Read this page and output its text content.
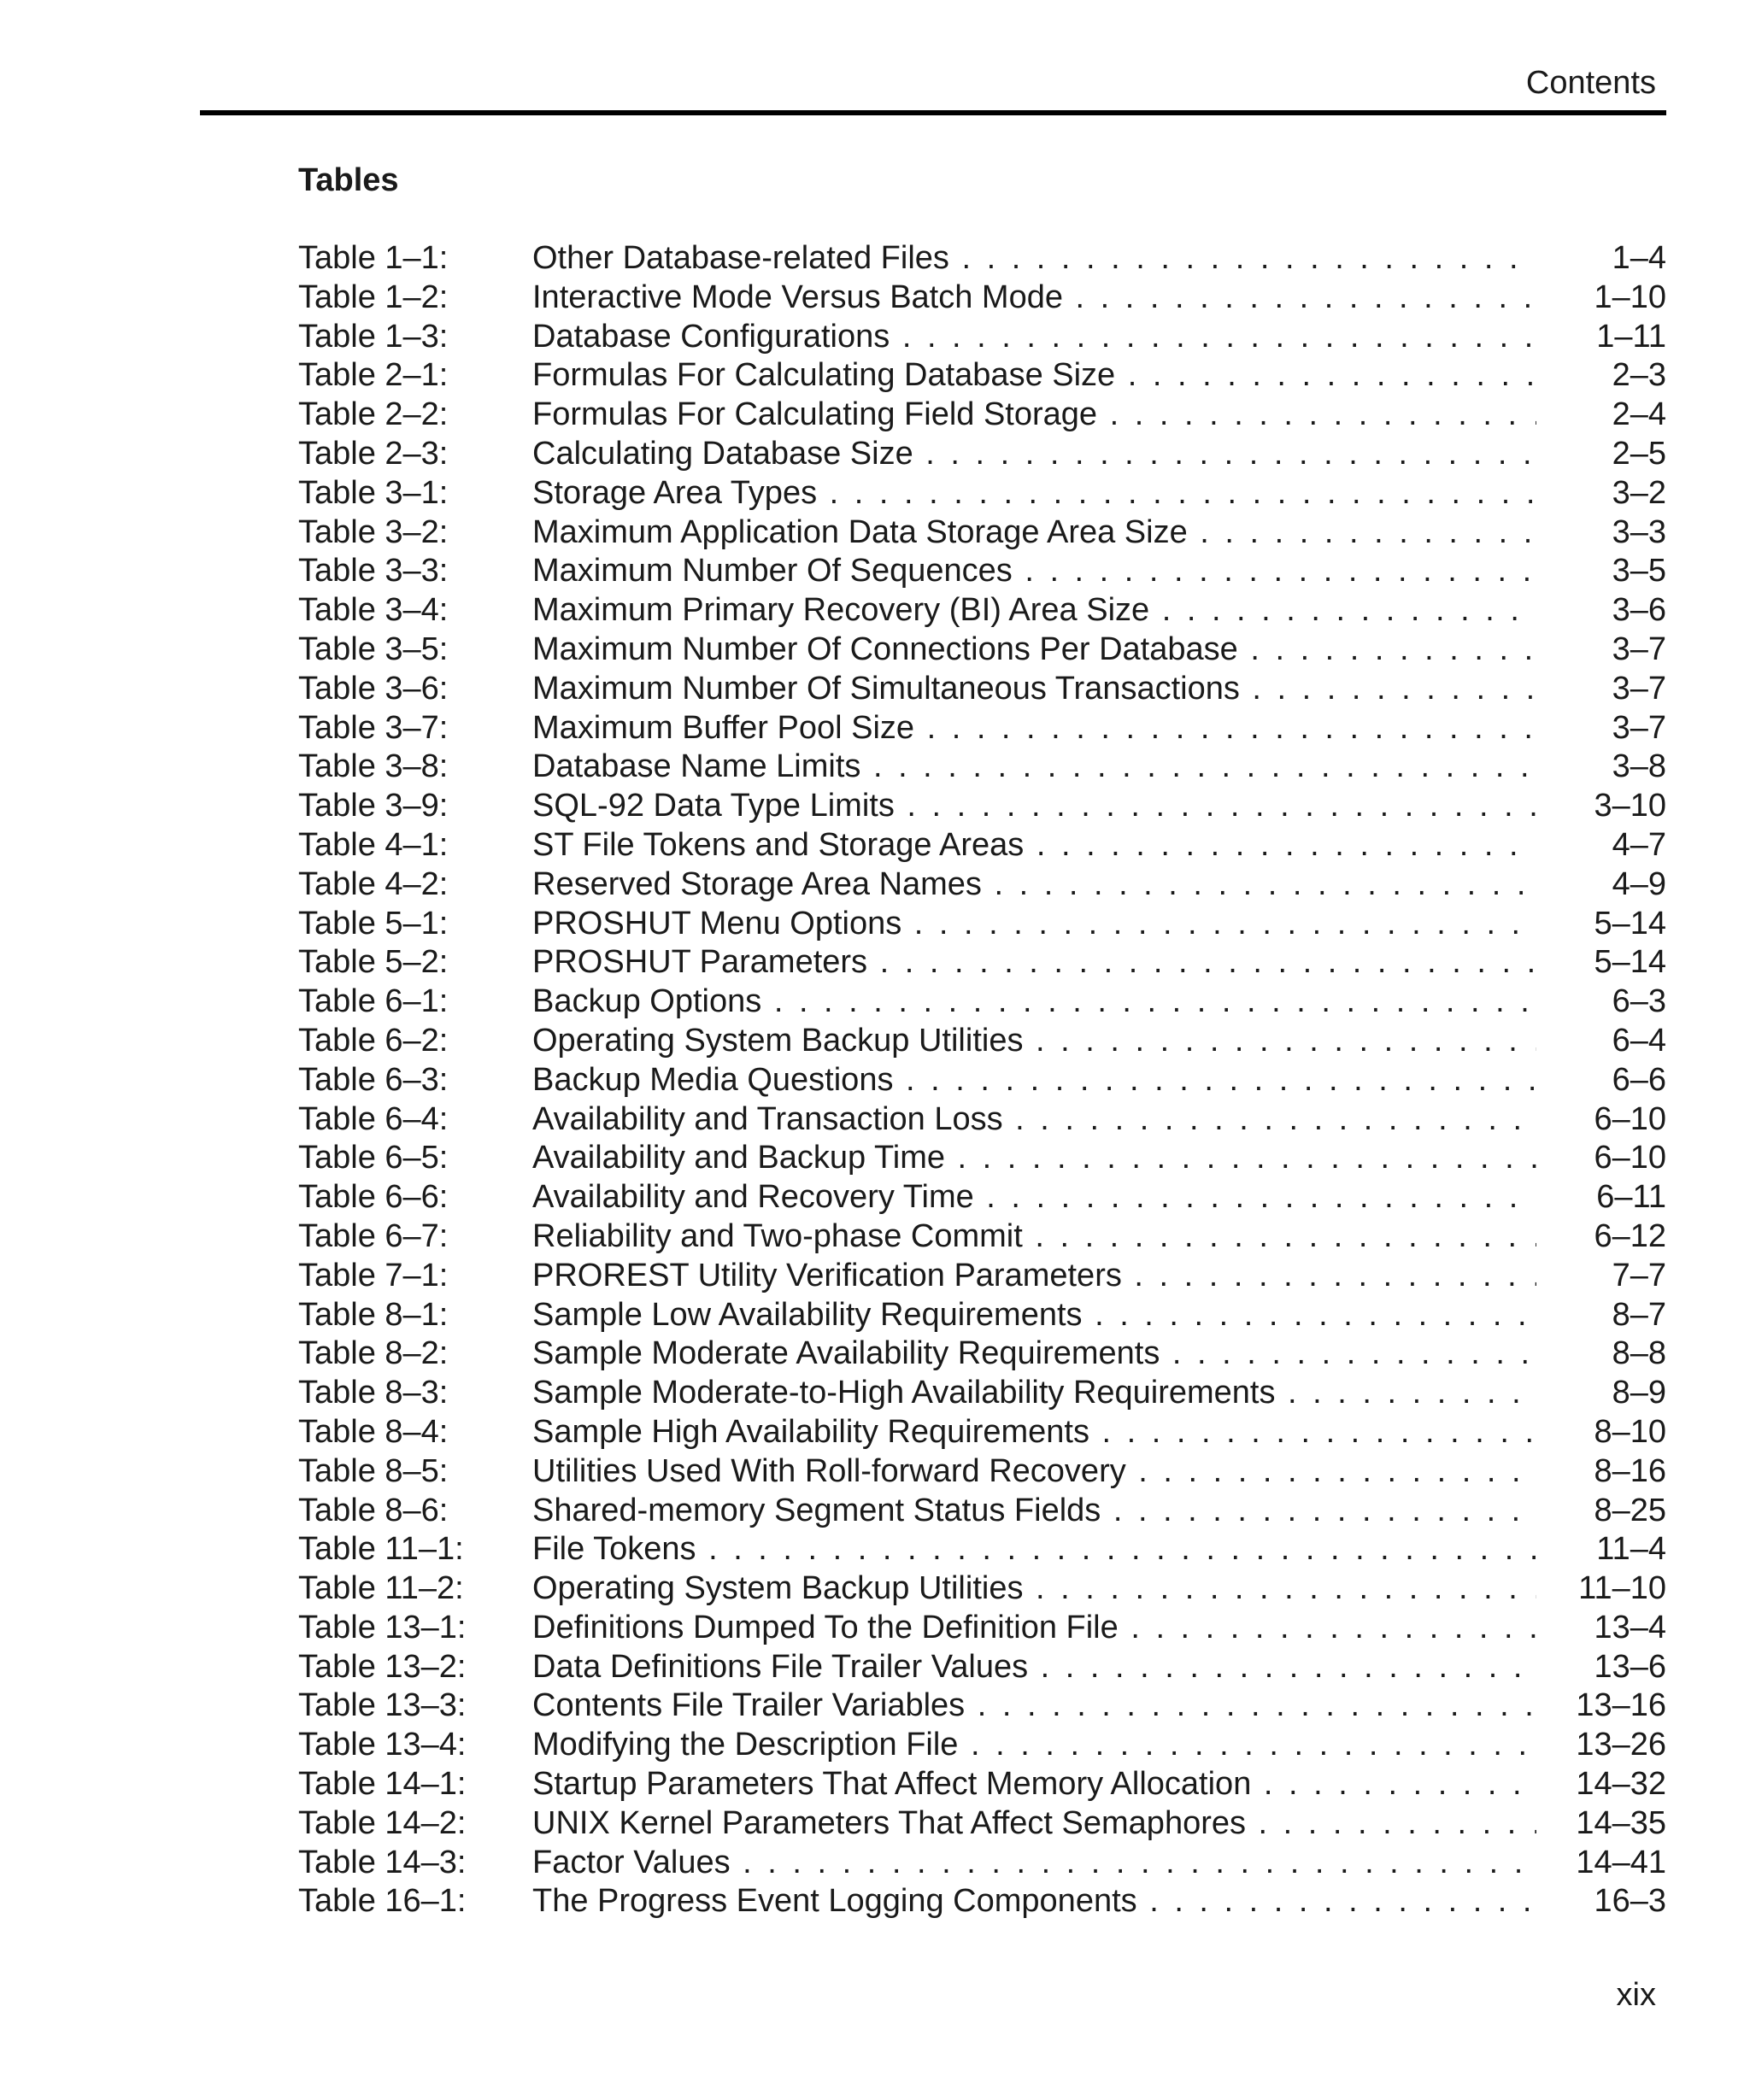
Contents
Tables
Table 1–1:	Other Database-related Files . . .	1–4
Table 1–2:	Interactive Mode Versus Batch Mode . . .	1–10
Table 1–3:	Database Configurations . . .	1–11
Table 2–1:	Formulas For Calculating Database Size . . .	2–3
Table 2–2:	Formulas For Calculating Field Storage . . .	2–4
Table 2–3:	Calculating Database Size . . .	2–5
Table 3–1:	Storage Area Types . . .	3–2
Table 3–2:	Maximum Application Data Storage Area Size . . .	3–3
Table 3–3:	Maximum Number Of Sequences . . .	3–5
Table 3–4:	Maximum Primary Recovery (BI) Area Size . . .	3–6
Table 3–5:	Maximum Number Of Connections Per Database . . .	3–7
Table 3–6:	Maximum Number Of Simultaneous Transactions . . .	3–7
Table 3–7:	Maximum Buffer Pool Size . . .	3–7
Table 3–8:	Database Name Limits . . .	3–8
Table 3–9:	SQL-92 Data Type Limits . . .	3–10
Table 4–1:	ST File Tokens and Storage Areas . . .	4–7
Table 4–2:	Reserved Storage Area Names . . .	4–9
Table 5–1:	PROSHUT Menu Options . . .	5–14
Table 5–2:	PROSHUT Parameters . . .	5–14
Table 6–1:	Backup Options . . .	6–3
Table 6–2:	Operating System Backup Utilities . . .	6–4
Table 6–3:	Backup Media Questions . . .	6–6
Table 6–4:	Availability and Transaction Loss . . .	6–10
Table 6–5:	Availability and Backup Time . . .	6–10
Table 6–6:	Availability and Recovery Time . . .	6–11
Table 6–7:	Reliability and Two-phase Commit . . .	6–12
Table 7–1:	PROREST Utility Verification Parameters . . .	7–7
Table 8–1:	Sample Low Availability Requirements . . .	8–7
Table 8–2:	Sample Moderate Availability Requirements . . .	8–8
Table 8–3:	Sample Moderate-to-High Availability Requirements . . .	8–9
Table 8–4:	Sample High Availability Requirements . . .	8–10
Table 8–5:	Utilities Used With Roll-forward Recovery . . .	8–16
Table 8–6:	Shared-memory Segment Status Fields . . .	8–25
Table 11–1: File Tokens . . .	11–4
Table 11–2: Operating System Backup Utilities . . .	11–10
Table 13–1: Definitions Dumped To the Definition File . . .	13–4
Table 13–2: Data Definitions File Trailer Values . . .	13–6
Table 13–3: Contents File Trailer Variables . . .	13–16
Table 13–4: Modifying the Description File . . .	13–26
Table 14–1: Startup Parameters That Affect Memory Allocation . . .	14–32
Table 14–2: UNIX Kernel Parameters That Affect Semaphores . . .	14–35
Table 14–3: Factor Values . . .	14–41
Table 16–1: The Progress Event Logging Components . . .	16–3
xix
